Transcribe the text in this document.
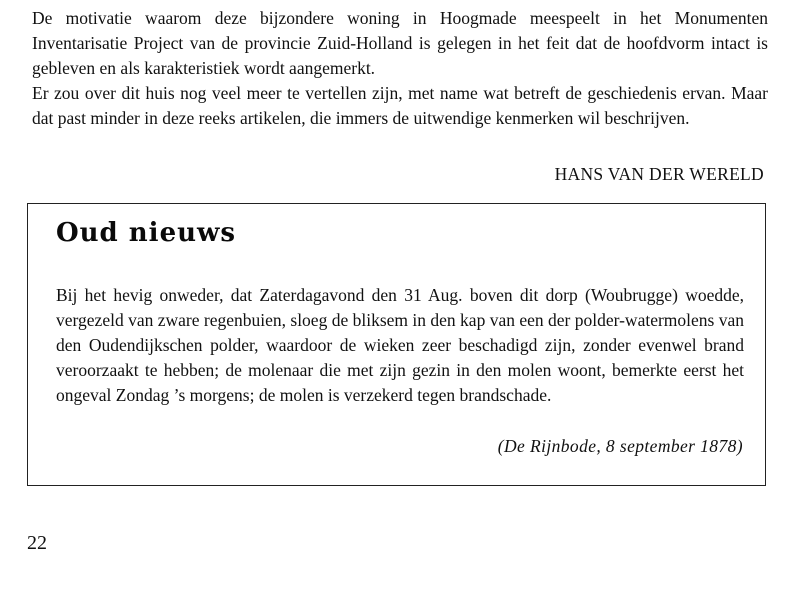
De motivatie waarom deze bijzondere woning in Hoogmade meespeelt in het Monumenten Inventarisatie Project van de provincie Zuid-Holland is gelegen in het feit dat de hoofdvorm intact is gebleven en als karakteristiek wordt aangemerkt.

Er zou over dit huis nog veel meer te vertellen zijn, met name wat betreft de geschiedenis ervan. Maar dat past minder in deze reeks artikelen, die immers de uitwendige kenmerken wil beschrijven.

HANS VAN DER WERELD
Oud nieuws

Bij het hevig onweder, dat Zaterdagavond den 31 Aug. boven dit dorp (Woubrugge) woedde, vergezeld van zware regenbuien, sloeg de bliksem in den kap van een der polder-watermolens van den Oudendijkschen polder, waardoor de wieken zeer beschadigd zijn, zonder evenwel brand veroorzaakt te hebben; de molenaar die met zijn gezin in den molen woont, bemerkte eerst het ongeval Zondag ’s morgens; de molen is verzekerd tegen brandschade.

(De Rijnbode, 8 september 1878)
22
